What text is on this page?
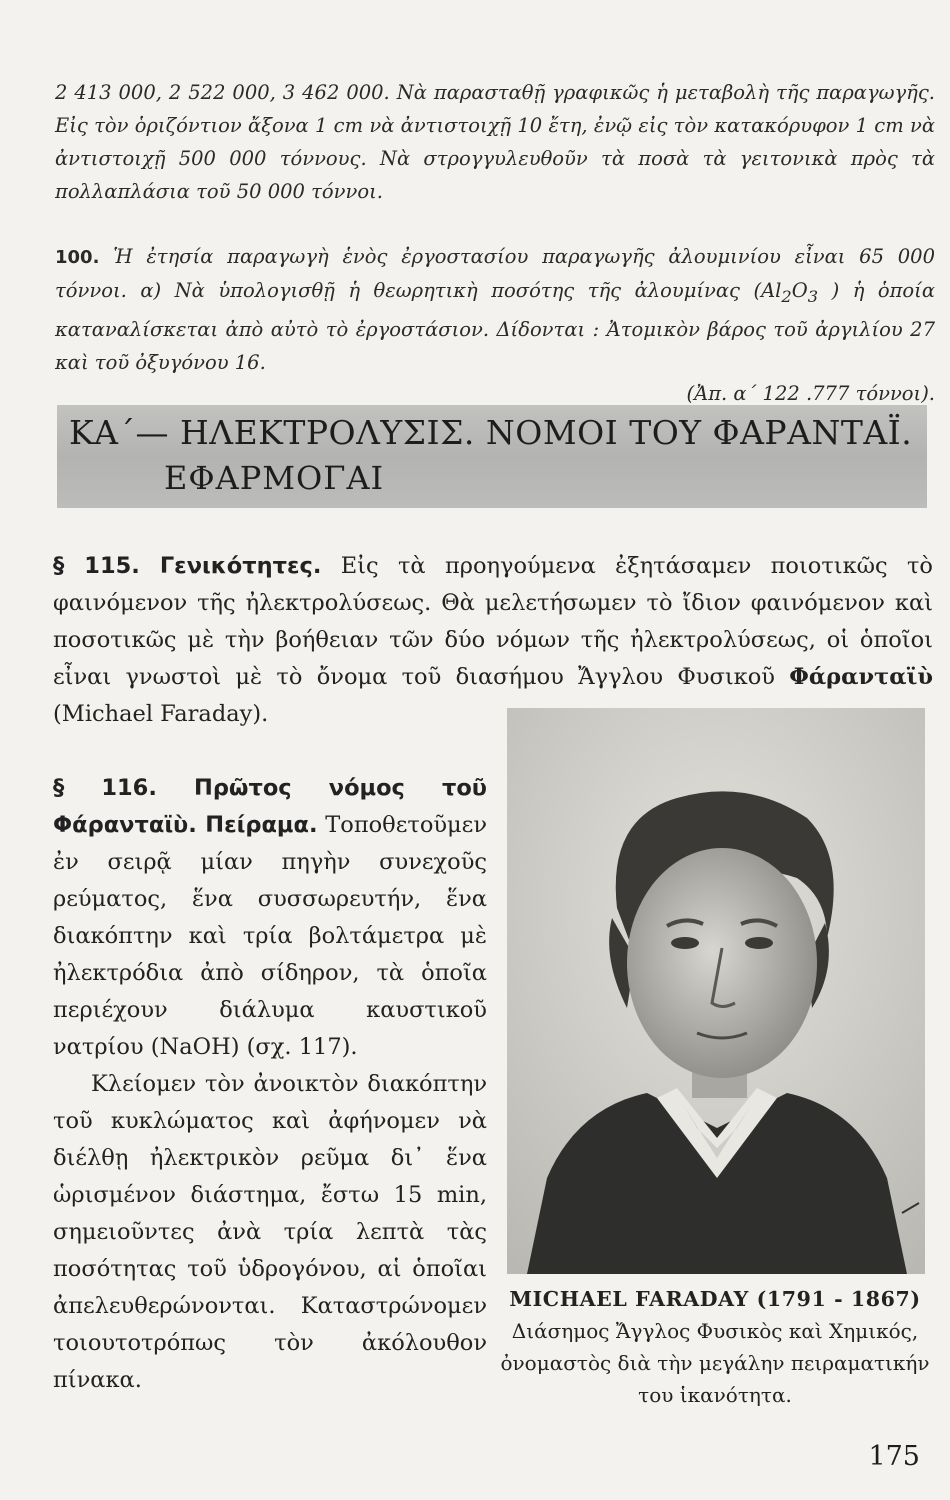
2 413 000, 2 522 000, 3 462 000. Νὰ παρασταθῇ γραφικῶς ἡ μεταβολὴ τῆς παραγωγῆς. Εἰς τὸν ὁριζόντιον ἄξονα 1 cm νὰ ἀντιστοιχῇ 10 ἔτη, ἐνῷ εἰς τὸν κατακόρυφον 1 cm νὰ ἀντιστοιχῇ 500 000 τόννους. Νὰ στρογγυλευθοῦν τὰ ποσὰ τὰ γειτονικὰ πρὸς τὰ πολλαπλάσια τοῦ 50 000 τόννοι.
100. Ἡ ἐτησία παραγωγὴ ἑνὸς ἐργοστασίου παραγωγῆς ἀλουμινίου εἶναι 65 000 τόννοι. α) Νὰ ὑπολογισθῇ ἡ θεωρητικὴ ποσότης τῆς ἀλουμίνας ($Al_2O_3$ ) ἡ ὁποία καταναλίσκεται ἀπὸ αὐτὸ τὸ ἐργοστάσιον. Δίδονται : Ἀτομικὸν βάρος τοῦ ἀργιλίου 27 καὶ τοῦ ὀξυγόνου 16.
(Ἀπ. α΄ 122 .777 τόννοι).
ΚΑ΄— ΗΛΕΚΤΡΟΛΥΣΙΣ. ΝΟΜΟΙ ΤΟΥ ΦΑΡΑΝΤΑΪ.
ΕΦΑΡΜΟΓΑΙ

§ 115. Γενικότητες. Εἰς τὰ προηγούμενα ἐξητάσαμεν ποιοτικῶς τὸ φαινόμενον τῆς ἠλεκτρολύσεως. Θὰ μελετήσωμεν τὸ ἴδιον φαινόμενον καὶ ποσοτικῶς μὲ τὴν βοήθειαν τῶν δύο νόμων τῆς ἠλεκτρολύσεως, οἱ ὁποῖοι εἶναι γνωστοὶ μὲ τὸ ὄνομα τοῦ διασήμου Ἄγγλου Φυσικοῦ Φάρανταϊὺ (Michael Faraday).

§ 116. Πρῶτος νόμος τοῦ Φάρανταϊὺ. Πείραμα. Τοποθετοῦμεν ἐν σειρᾷ μίαν πηγὴν συνεχοῦς ρεύματος, ἕνα συσσωρευτήν, ἕνα διακόπτην καὶ τρία βολτάμετρα μὲ ἠλεκτρόδια ἀπὸ σίδηρον, τὰ ὁποῖα περιέχουν διάλυμα καυστικοῦ νατρίου (NaOH) (σχ. 117).

Κλείομεν τὸν ἀνοικτὸν διακόπτην τοῦ κυκλώματος καὶ ἀφήνομεν νὰ διέλθῃ ἠλεκτρικὸν ρεῦμα δι᾽ ἕνα ὡρισμένον διάστημα, ἔστω 15 min, σημειοῦντες ἀνὰ τρία λεπτὰ τὰς ποσότητας τοῦ ὑδρογόνου, αἱ ὁποῖαι ἀπελευθερώνονται. Καταστρώνομεν τοιουτοτρόπως τὸν ἀκόλουθον πίνακα.

MICHAEL FARADAY (1791 - 1867)
Διάσημος Ἄγγλος Φυσικὸς καὶ Χημικός, ὀνομαστὸς διὰ τὴν μεγάλην πειραματικήν του ἱκανότητα.
175
